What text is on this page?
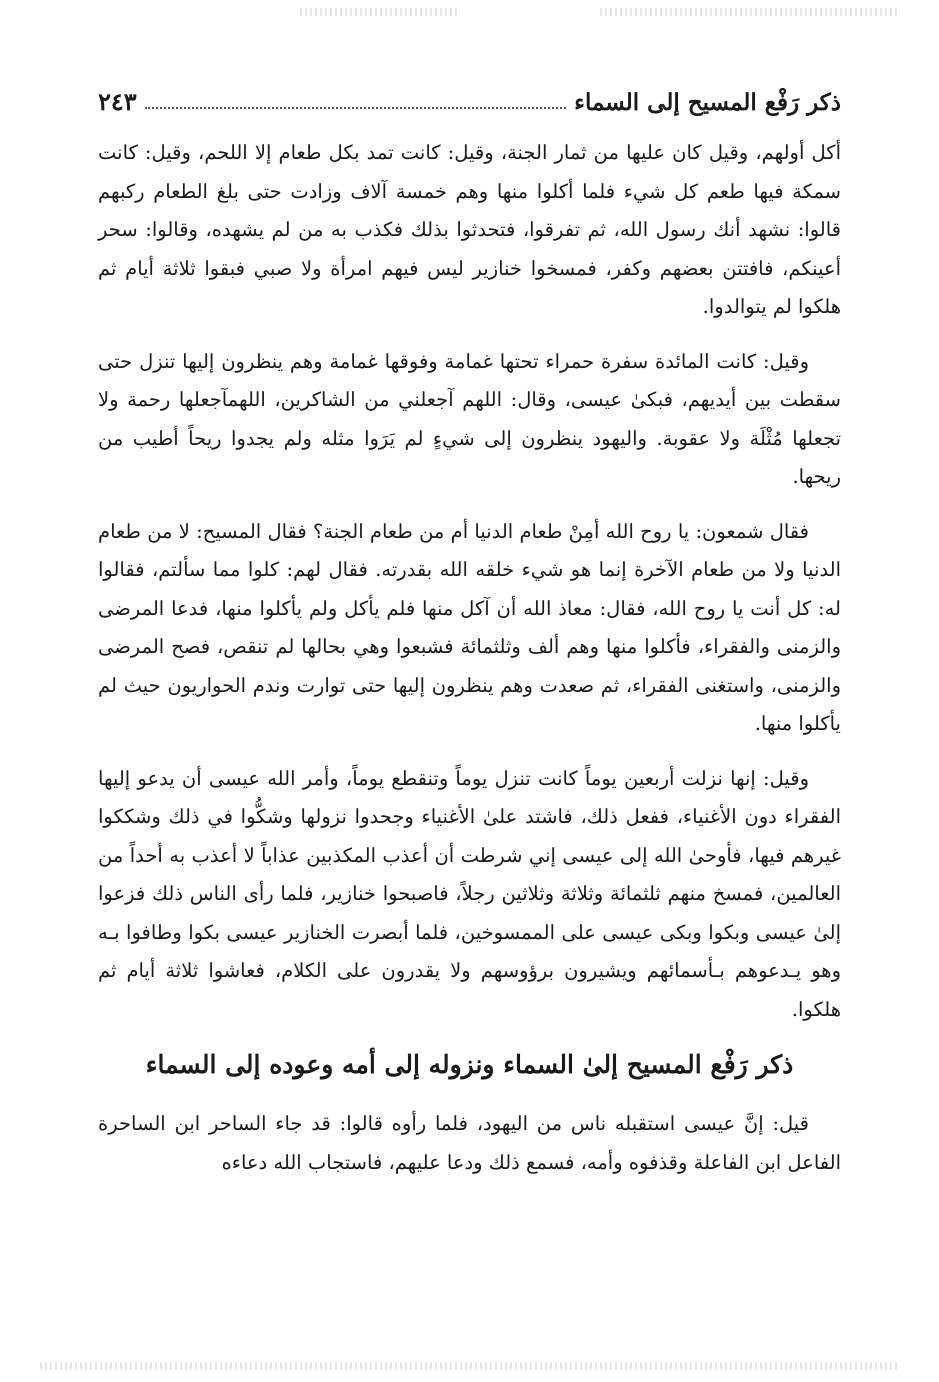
ذكر رَفْع المسيح إلى السماء
٢٤٣

أكل أولهم، وقيل كان عليها من ثمار الجنة، وقيل: كانت تمد بكل طعام إلا اللحم، وقيل: كانت سمكة فيها طعم كل شيء فلما أكلوا منها وهم خمسة آلاف وزادت حتى بلغ الطعام ركبهم قالوا: نشهد أنك رسول الله، ثم تفرقوا، فتحدثوا بذلك فكذب به من لم يشهده، وقالوا: سحر أعينكم، فافتتن بعضهم وكفر، فمسخوا خنازير ليس فيهم امرأة ولا صبي فبقوا ثلاثة أيام ثم هلكوا لم يتوالدوا.

وقيل: كانت المائدة سفرة حمراء تحتها غمامة وفوقها غمامة وهم ينظرون إليها تنزل حتى سقطت بين أيديهم، فبكىٰ عيسى، وقال: اللهم آجعلني من الشاكرين، اللهمآجعلها رحمة ولا تجعلها مُثْلَة ولا عقوبة. واليهود ينظرون إلى شيءٍ لم يَرَوا مثله ولم يجدوا ريحاً أطيب من ريحها.

فقال شمعون: يا روح الله أمِنْ طعام الدنيا أم من طعام الجنة؟ فقال المسيح: لا من طعام الدنيا ولا من طعام الآخرة إنما هو شيء خلقه الله بقدرته. فقال لهم: كلوا مما سألتم، فقالوا له: كل أنت يا روح الله، فقال: معاذ الله أن آكل منها فلم يأكل ولم يأكلوا منها، فدعا المرضى والزمنى والفقراء، فأكلوا منها وهم ألف وثلثمائة فشبعوا وهي بحالها لم تنقص، فصح المرضى والزمنى، واستغنى الفقراء، ثم صعدت وهم ينظرون إليها حتى توارت وندم الحواريون حيث لم يأكلوا منها.

وقيل: إنها نزلت أربعين يوماً كانت تنزل يوماً وتنقطع يوماً، وأمر الله عيسى أن يدعو إليها الفقراء دون الأغنياء، ففعل ذلك، فاشتد علىٰ الأغنياء وجحدوا نزولها وشكُّوا في ذلك وشككوا غيرهم فيها، فأوحىٰ الله إلى عيسى إني شرطت أن أعذب المكذبين عذاباً لا أعذب به أحداً من العالمين، فمسخ منهم ثلثمائة وثلاثة وثلاثين رجلاً، فاصبحوا خنازير، فلما رأى الناس ذلك فزعوا إلىٰ عيسى وبكوا وبكى عيسى على الممسوخين، فلما أبصرت الخنازير عيسى بكوا وطافوا بـه وهو يـدعوهم بـأسمائهم ويشيرون برؤوسهم ولا يقدرون على الكلام، فعاشوا ثلاثة أيام ثم هلكوا.

ذكر رَفْع المسيح إلىٰ السماء ونزوله إلى أمه وعوده إلى السماء

قيل: إنَّ عيسى استقبله ناس من اليهود، فلما رأوه قالوا: قد جاء الساحر ابن الساحرة الفاعل ابن الفاعلة وقذفوه وأمه، فسمع ذلك ودعا عليهم، فاستجاب الله دعاءه
